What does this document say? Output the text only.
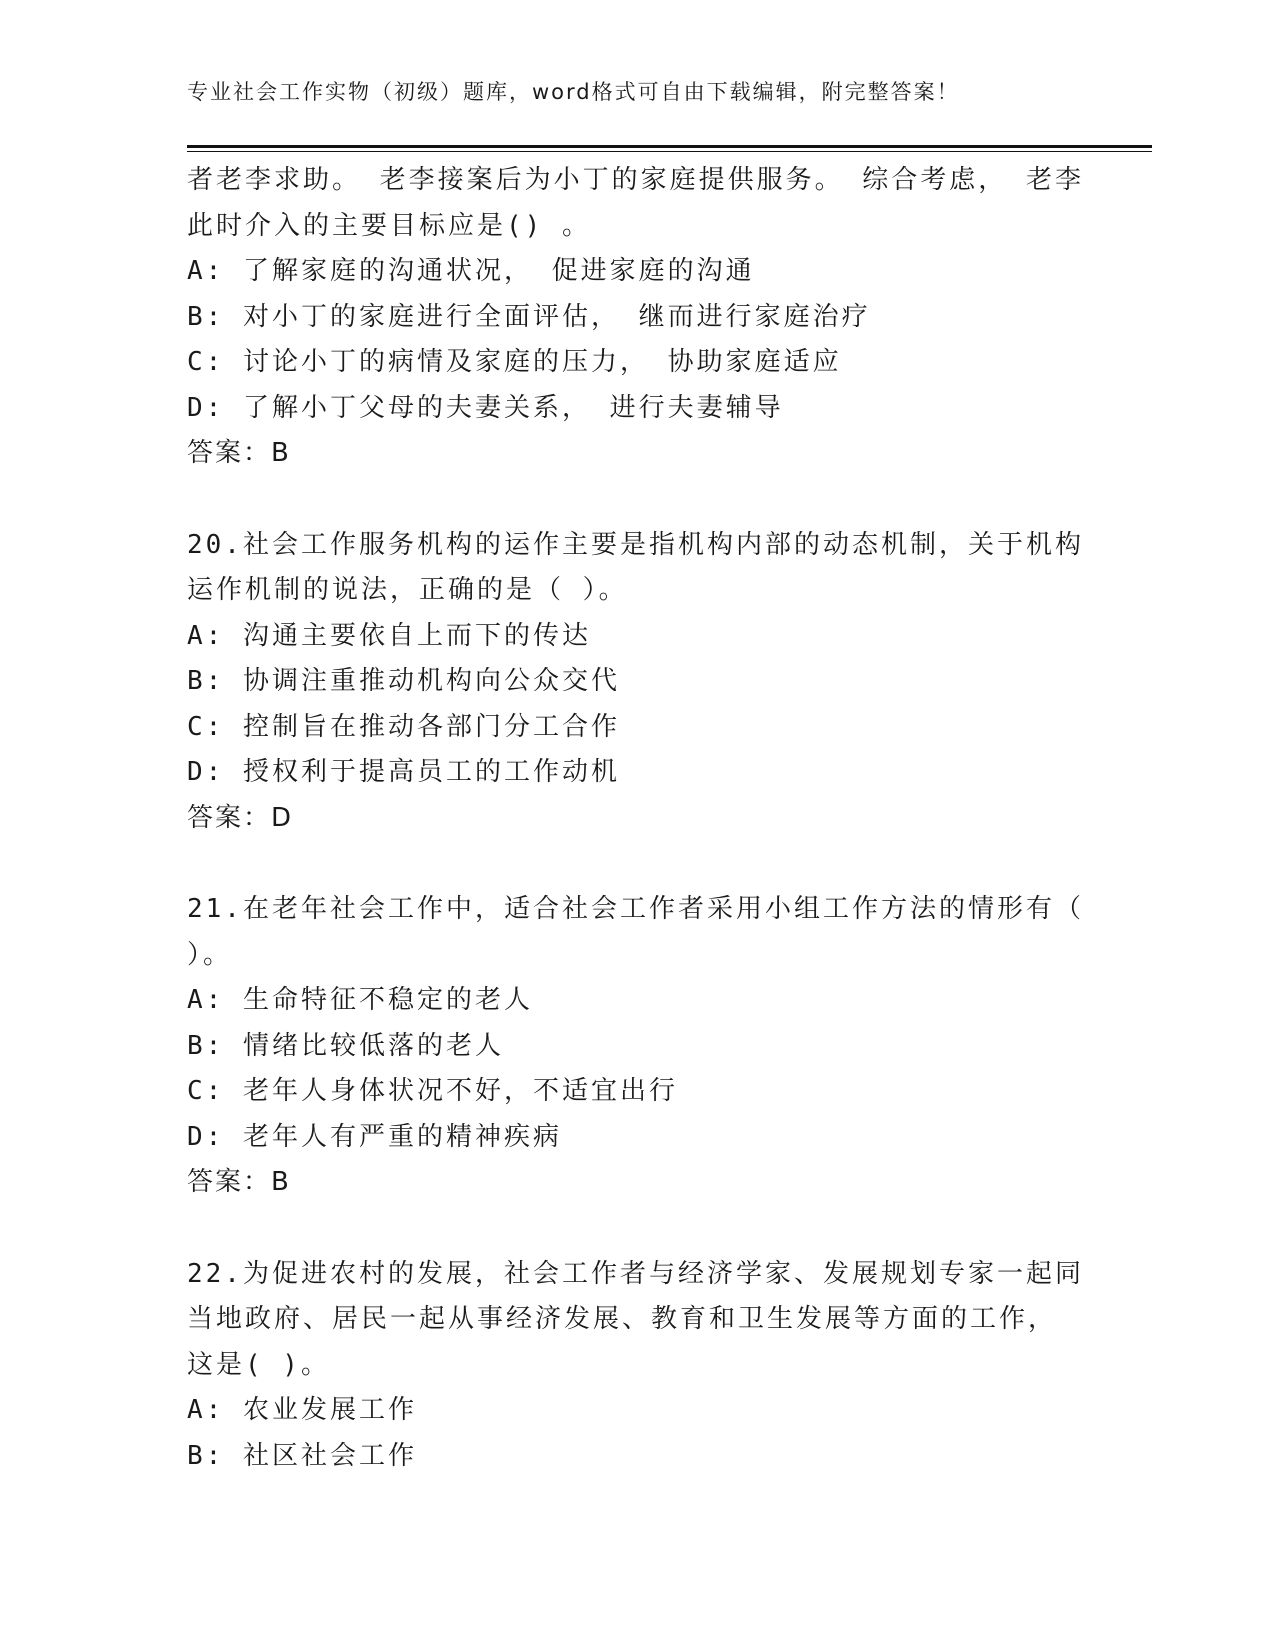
专业社会工作实物（初级）题库，word格式可自由下载编辑，附完整答案！
者老李求助。 老李接案后为小丁的家庭提供服务。 综合考虑， 老李
此时介入的主要目标应是() 。
A: 了解家庭的沟通状况， 促进家庭的沟通
B: 对小丁的家庭进行全面评估， 继而进行家庭治疗
C: 讨论小丁的病情及家庭的压力， 协助家庭适应
D: 了解小丁父母的夫妻关系， 进行夫妻辅导
答案：B
20.社会工作服务机构的运作主要是指机构内部的动态机制，关于机构
运作机制的说法，正确的是（ ）。
A: 沟通主要依自上而下的传达
B: 协调注重推动机构向公众交代
C: 控制旨在推动各部门分工合作
D: 授权利于提高员工的工作动机
答案：D
21.在老年社会工作中，适合社会工作者采用小组工作方法的情形有（
）。
A: 生命特征不稳定的老人
B: 情绪比较低落的老人
C: 老年人身体状况不好，不适宜出行
D: 老年人有严重的精神疾病
答案：B
22.为促进农村的发展，社会工作者与经济学家、发展规划专家一起同
当地政府、居民一起从事经济发展、教育和卫生发展等方面的工作，
这是( )。
A: 农业发展工作
B: 社区社会工作
